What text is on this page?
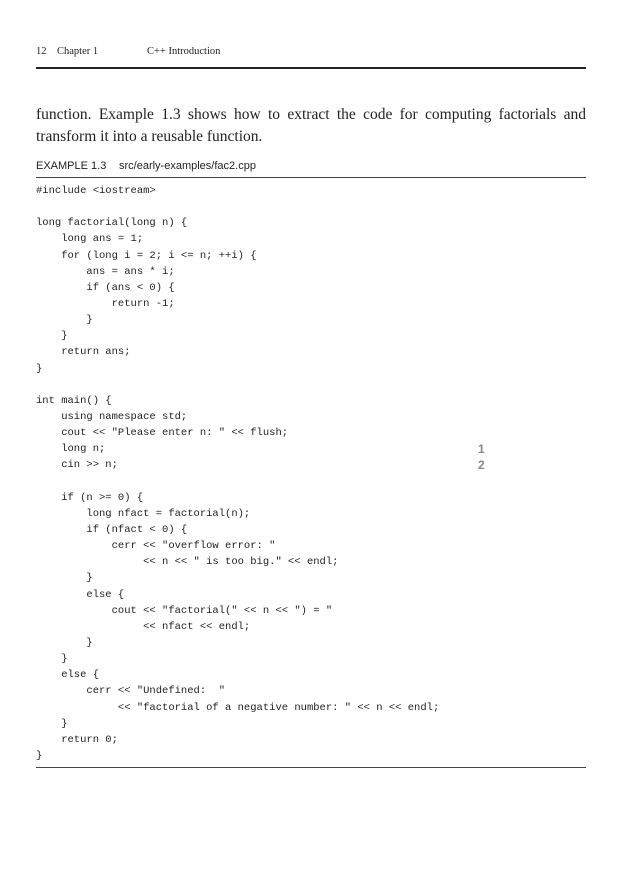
12 Chapter 1	C++ Introduction
function. Example 1.3 shows how to extract the code for computing factorials and transform it into a reusable function.
EXAMPLE 1.3 src/early-examples/fac2.cpp
#include <iostream>
long factorial(long n) {
long ans = 1;
for (long i = 2; i <= n; ++i) {
ans = ans * i;
if (ans < 0) {
return -1;
}
}
return ans;
}
int main() {
using namespace std;
cout << "Please enter n: " << flush;
long n;
cin >> n;
if (n >= 0) {
long nfact = factorial(n);
if (nfact < 0) {
cerr << "overflow error: "
<< n << " is too big." << endl;
}
else {
cout << "factorial(" << n << ") = "
<< nfact << endl;
}
}
else {
cerr << "Undefined:  "
<< "factorial of a negative number: " << n << endl;
}
return 0;
}
1
2
